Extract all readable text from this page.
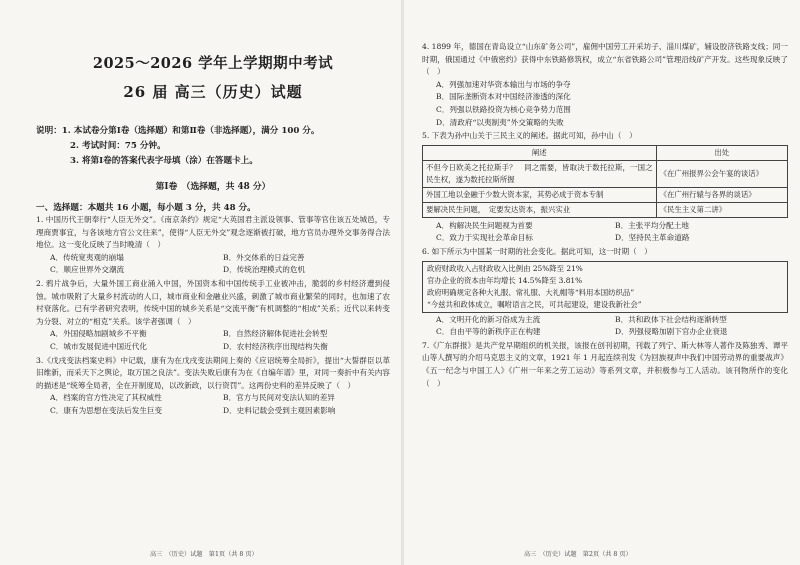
2025～2026 学年上学期期中考试
26 届 高三（历史）试题
说明：1. 本试卷分第Ⅰ卷（选择题）和第Ⅱ卷（非选择题），满分 100 分。
2. 考试时间：75 分钟。
3. 将第Ⅰ卷的答案代表字母填（涂）在答题卡上。
第Ⅰ卷　（选择题，共 48 分）
一、选择题：本题共 16 小题，每小题 3 分，共 48 分。
1. 中国历代王朝奉行“人臣无外交”。《南京条约》规定“大英国君主派设领事、管事等官住该五处城邑，专理商贾事宜，与各该地方官公文往来”，使得“人臣无外交”观念逐渐被打破，地方官员办理外交事务得合法地位。这一变化反映了当时晚清（　）
A．传统宽夷观的崩塌	B．外交体系的日益完善
C．顺应世界外交潮流	D．传统治理模式的危机
2. 鸦片战争后，大量外国工商业涌入中国，外国资本和中国传统手工业被冲击，脆弱的乡村经济遭到侵蚀。城市吸附了大量乡村流动的人口，城市商业和金融业兴盛，刺激了城市商业繁荣的同时，也加速了农村衰落化。已有学者研究表明，传统中国的城乡关系是“交流平衡”有机调整的“相成”关系；近代以来转变为分裂、对立的“相克”关系。该学者强调（　）
A．外国侵略加剧城乡不平衡	B．自然经济解体促进社会转型
C．城市发展促进中国近代化	D．农村经济秩序出现结构失衡
3.《戊戌变法档案史料》中记载，康有为在戊戌变法期间上奏的《应诏统筹全局折》，提出“大誓群臣以革旧维新，而采天下之舆论，取万国之良法”。变法失败后康有为在《自编年谱》里，对同一奏折中有关内容的描述是“统筹全局者，全在开制度局，以改新政，以行资罚”。这两份史料的差异反映了（　）
A．档案的官方性决定了其权威性	B．官方与民间对变法认知的差异
C．康有为思想在变法后发生巨变	D．史料记载会受到主观因素影响
高三　（历史）试题　第1页（共 8 页）
4. 1899 年，德国在青岛设立“山东矿务公司”，雇佣中国劳工开采坊子、淄川煤矿，辅设胶济铁路支线；同一时期，俄国通过《中俄密约》获得中东铁路修筑权，成立“东省铁路公司”管理沿线矿产开发。这些现象反映了（　）
A．列强加速对华资本输出与市场的争夺
B．国际垄断资本对中国经济渗透的深化
C．列强以铁路投资为核心竞争势力范围
D．清政府“以夷制夷”外交策略的失败
5. 下表为孙中山关于三民主义的阐述。据此可知，孙中山（　）
阐述	出处
不但今日欧美之托拉斯手？　同之需要，皆取决于数托拉斯，一国之民生权，遂为数托拉斯所握	《在广州报界公会午宴的谈话》
外国工地以金融于少数大资本家，其势必成于资本专制	《在广州行辕与各界的谈话》
要解决民生问题，　定要发达资本，振兴实业	《民生主义第二讲》
A．构解决民生问题视为首要	B．主张平均分配土地
C．致力于实现社会革命目标	D．坚持民主革命道路
6. 如下所示为中国某一时期的社会变化。据此可知，这一时期（　）
政府财政收入占财政收入比例由 25%降至 21%
官办企业的资本由年均增长 14.5%降至 3.81%
政府明确规定各种大礼服、常礼服、大礼帽等“料用本国纺织品”
“今兹共和政体成立，嘱咐语言之民，可共起建设，建设我新社会”
A．文明开化的新习俗成为主流	B．共和政体下社会结构逐渐转型
C．自由平等的新秩序正在构建	D．列强侵略加剧下官办企业衰退
7.《广东群报》是共产党早期组织的机关报，该报在创刊初期，刊载了列宁、斯大林等人著作及陈独秀、谭平山等人撰写的介绍马克思主义的文章，1921 年 1 月起连续刊发《为回族视声中我们中国劳动界的重要战声》《五一纪念与中国工人》《广州一年来之劳工运动》等系列文章，并积极参与工人活动。该刊物所作的变化（　）
高三　（历史）试题　第2页（共 8 页）
